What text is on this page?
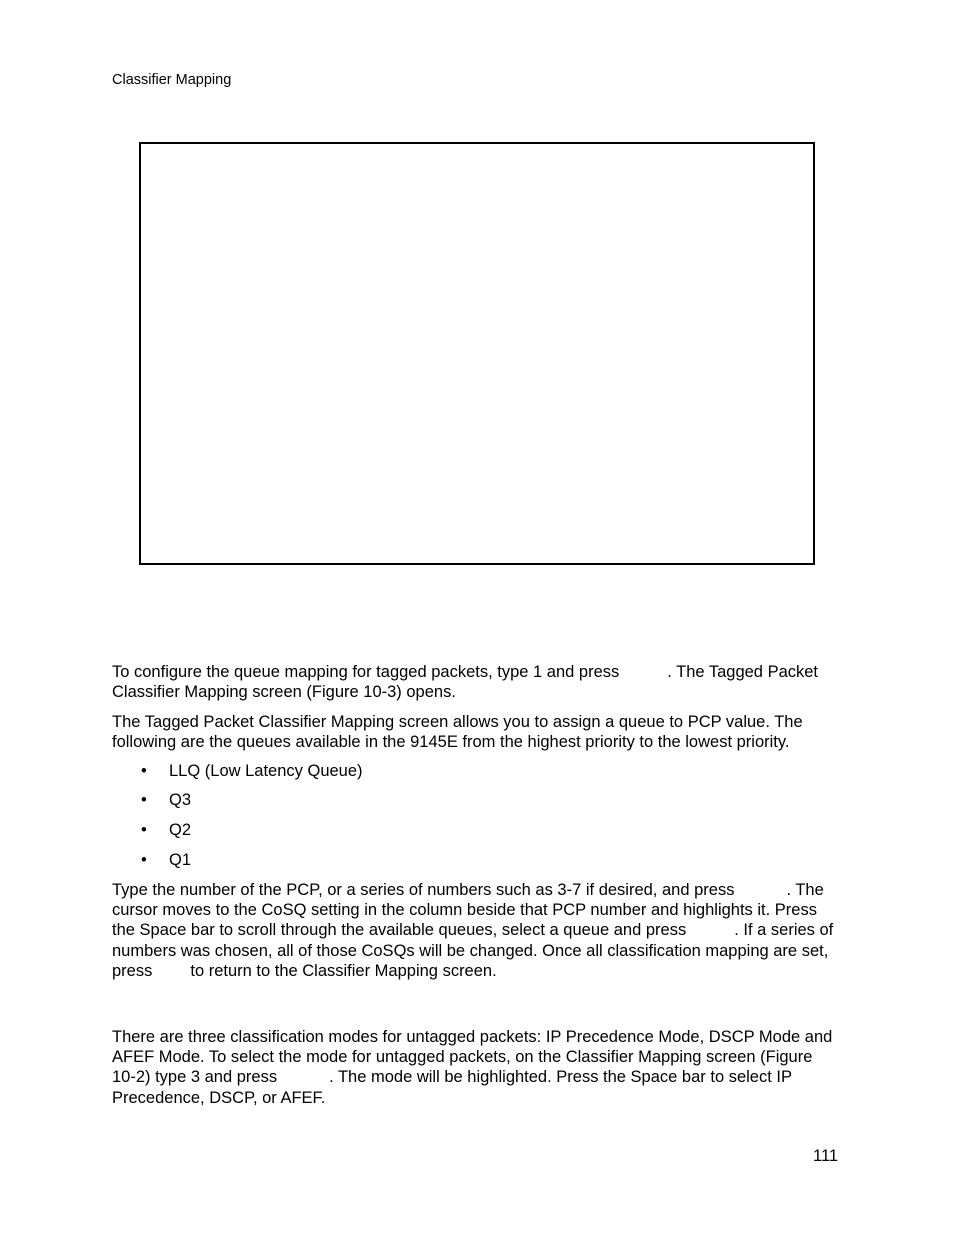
Classifier Mapping

To configure the queue mapping for tagged packets, type 1 and press	. The Tagged Packet Classifier Mapping screen (Figure 10-3) opens.

The Tagged Packet Classifier Mapping screen allows you to assign a queue to PCP value. The following are the queues available in the 9145E from the highest priority to the lowest priority.

• LLQ (Low Latency Queue)
• Q3
• Q2
• Q1

Type the number of the PCP, or a series of numbers such as 3-7 if desired, and press	. The cursor moves to the CoSQ setting in the column beside that PCP number and highlights it. Press the Space bar to scroll through the available queues, select a queue and press	. If a series of numbers was chosen, all of those CoSQs will be changed. Once all classification mapping are set, press to return to the Classifier Mapping screen.

There are three classification modes for untagged packets: IP Precedence Mode, DSCP Mode and AFEF Mode. To select the mode for untagged packets, on the Classifier Mapping screen (Figure 10-2) type 3 and press	. The mode will be highlighted. Press the Space bar to select IP Precedence, DSCP, or AFEF.

111
